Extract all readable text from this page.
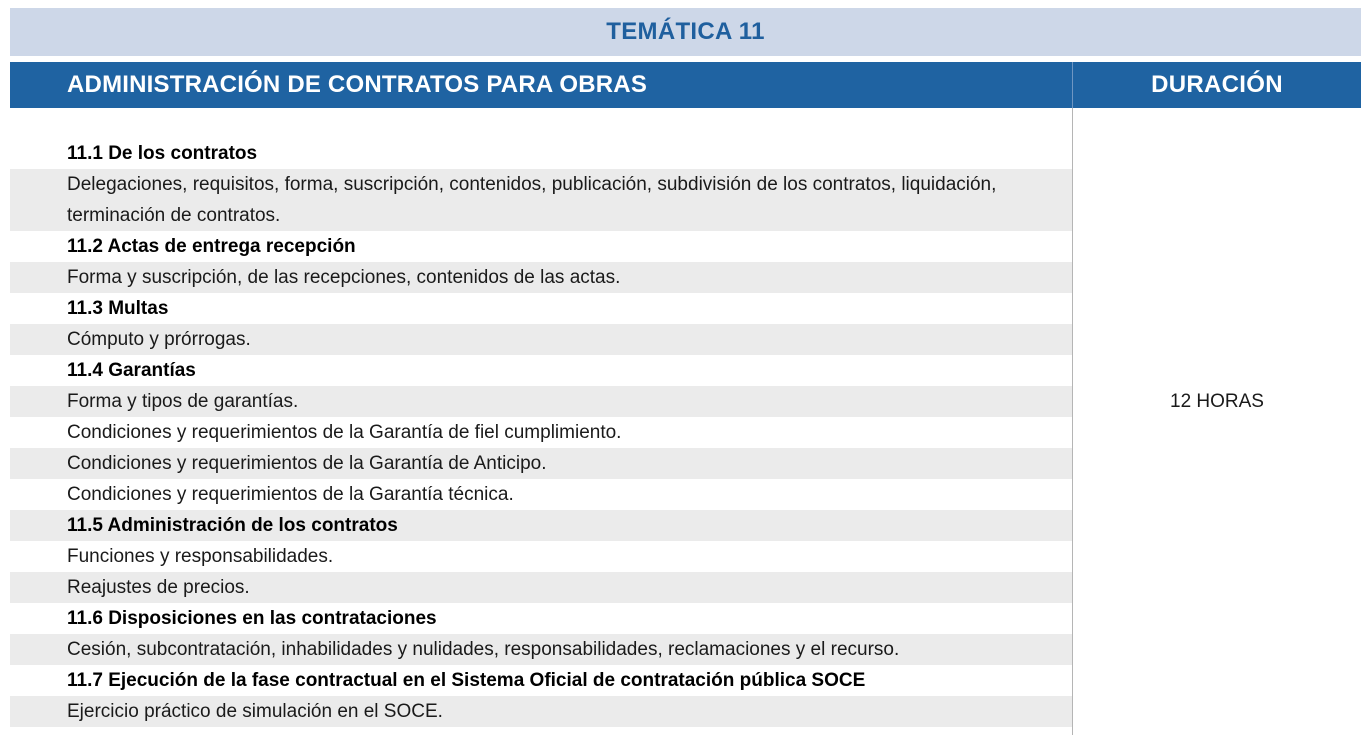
TEMÁTICA 11
ADMINISTRACIÓN DE CONTRATOS PARA OBRAS	DURACIÓN
11.1 De los contratos
Delegaciones, requisitos, forma, suscripción, contenidos, publicación, subdivisión de los contratos, liquidación, terminación de contratos.
11.2 Actas de entrega recepción
Forma y suscripción, de las recepciones, contenidos de las actas.
11.3 Multas
Cómputo y prórrogas.
11.4 Garantías
Forma y tipos de garantías.
Condiciones y requerimientos de la Garantía de fiel cumplimiento.
Condiciones y requerimientos de la Garantía de Anticipo.
Condiciones y requerimientos de la Garantía técnica.
11.5 Administración de los contratos
Funciones y responsabilidades.
Reajustes de precios.
11.6 Disposiciones en las contrataciones
Cesión, subcontratación, inhabilidades y nulidades, responsabilidades, reclamaciones y el recurso.
11.7 Ejecución de la fase contractual en el Sistema Oficial de contratación pública SOCE
Ejercicio práctico de simulación en el SOCE.
12 HORAS
